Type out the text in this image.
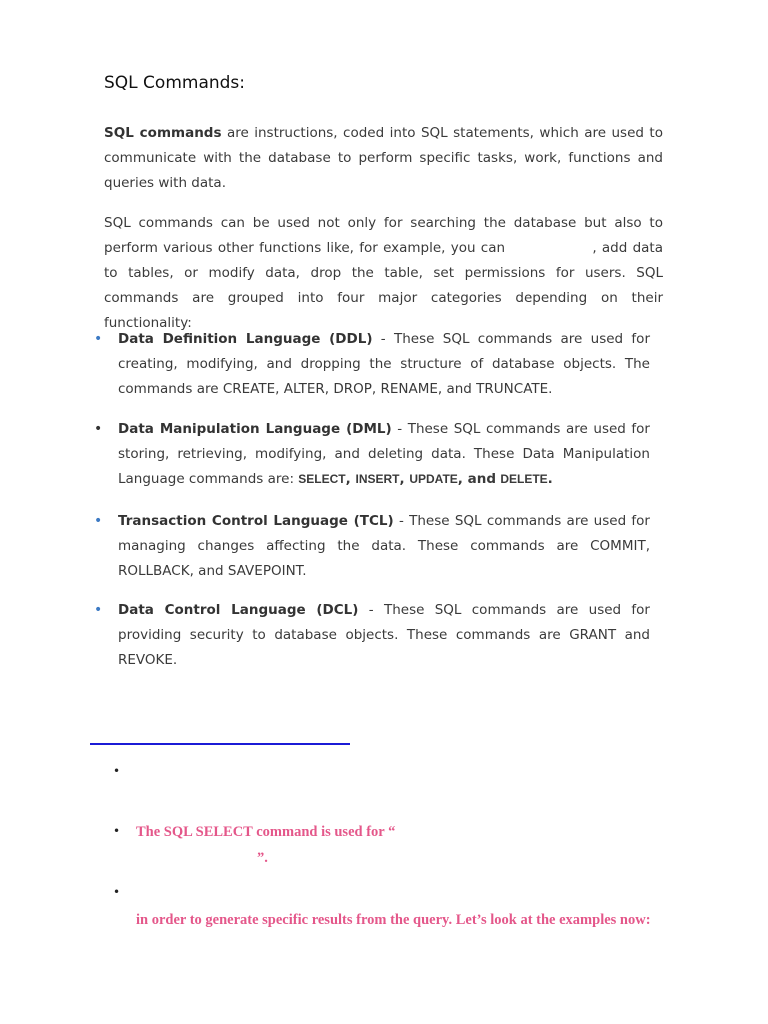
SQL Commands:

SQL commands are instructions, coded into SQL statements, which are used to communicate with the database to perform specific tasks, work, functions and queries with data.

SQL commands can be used not only for searching the database but also to perform various other functions like, for example, you can	, add data to tables, or modify data, drop the table, set permissions for users. SQL commands are grouped into four major categories depending on their functionality:

• Data Definition Language (DDL) - These SQL commands are used for creating, modifying, and dropping the structure of database objects. The commands are CREATE, ALTER, DROP, RENAME, and TRUNCATE.
• Data Manipulation Language (DML) - These SQL commands are used for storing, retrieving, modifying, and deleting data. These Data Manipulation Language commands are: SELECT, INSERT, UPDATE, and DELETE.
• Transaction Control Language (TCL) - These SQL commands are used for managing changes affecting the data. These commands are COMMIT, ROLLBACK, and SAVEPOINT.
• Data Control Language (DCL) - These SQL commands are used for providing security to database objects. These commands are GRANT and REVOKE.
•
• The SQL SELECT command is used for “

”.

•

in order to generate specific results from the query. Let’s look at the examples now:
